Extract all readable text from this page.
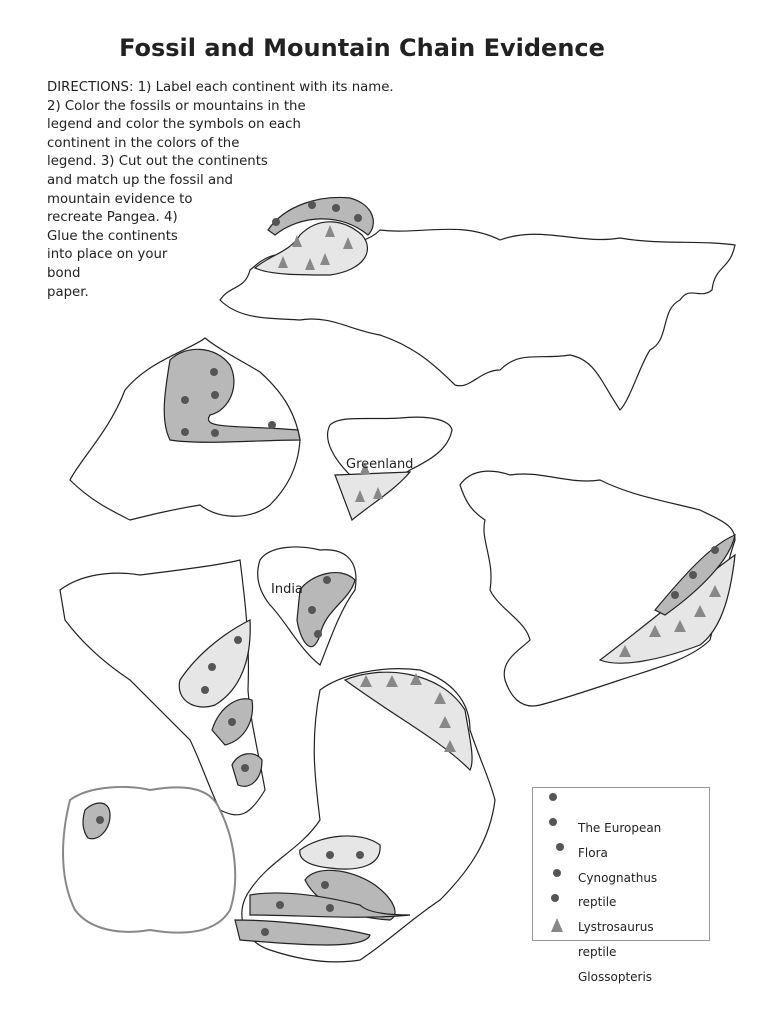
Fossil and Mountain Chain Evidence
DIRECTIONS: 1) Label each continent with its name.
2) Color the fossils or mountains in the
legend and color the symbols on each
continent in the colors of the
legend. 3) Cut out the continents
and match up the fossil and
mountain evidence to
recreate Pangea. 4)
Glue the continents
into place on your
bond
paper.
Greenland
India
The European
Flora
Cynognathus
reptile
Lystrosaurus
reptile
Glossopteris
